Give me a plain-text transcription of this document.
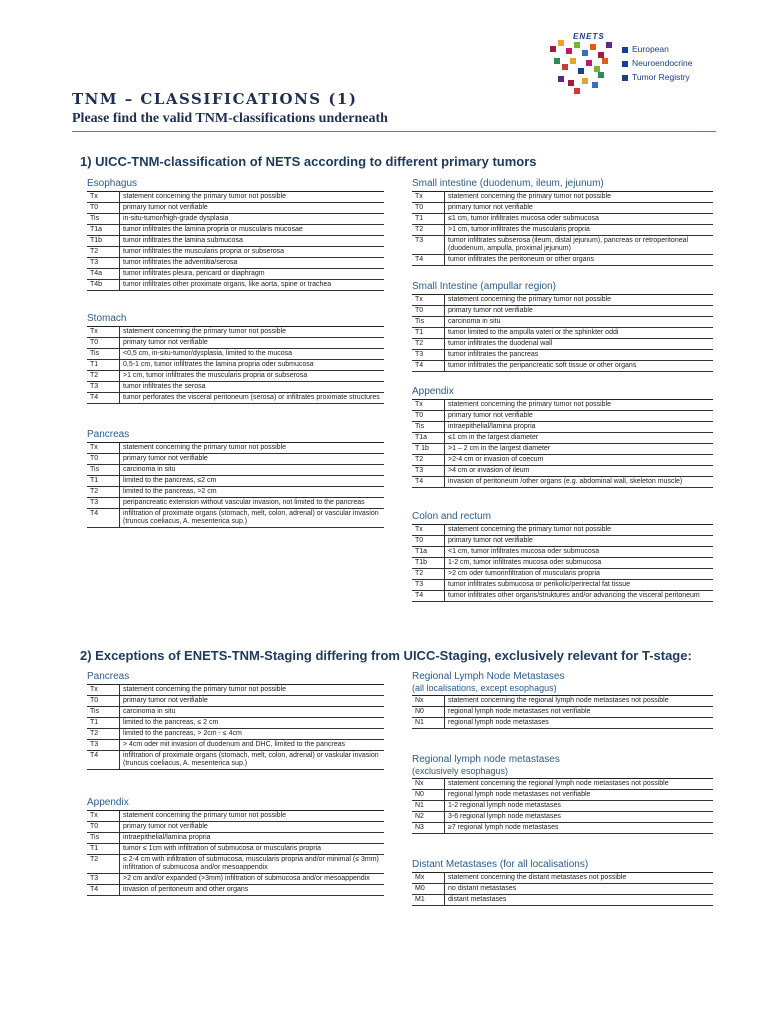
ENETS
European
Neuroendocrine
Tumor Registry
TNM – CLASSIFICATIONS (1)
Please find the valid TNM-classifications underneath
1) UICC-TNM-classification of NETS according to different primary tumors
2) Exceptions of ENETS-TNM-Staging differing from UICC-Staging, exclusively relevant for T-stage:
Esophagus
Tx	statement concerning the primary tumor not possible
T0	primary tumor not verifiable
Tis	in-situ-tumor/high-grade dysplasia
T1a	tumor infiltrates the lamina propria or muscularis mucosae
T1b	tumor infiltrates the lamina submucosa
T2	tumor infiltrates the muscularis propria or subserosa
T3	tumor infiltrates the adventitia/serosa
T4a	tumor infiltrates pleura, pericard or diaphragm
T4b	tumor infiltrates other proximate organs, like aorta, spine or trachea
Stomach
Tx	statement concerning the primary tumor not possible
T0	primary tumor not verifiable
Tis	<0,5 cm, in-situ-tumor/dysplasia, limited to the mucosa
T1	0,5-1 cm, tumor infiltrates the lamina propria oder submucosa
T2	>1 cm, tumor infiltrates the muscularis propria or subserosa
T3	tumor infiltrates the serosa
T4	tumor perforates the visceral peritoneum (serosa) or infiltrates proximate structures
Pancreas
Tx	statement concerning the primary tumor not possible
T0	primary tumor not verifiable
Tis	carcinoma in situ
T1	limited to the pancreas, ≤2 cm
T2	limited to the pancreas, >2 cm
T3	peripancreatic extension without vascular invasion, not limited to the pancreas
T4	infiltration of proximate organs (stomach, melt, colon, adrenal) or vascular invasion (truncus coeliacus, A. mesenterica sup.)
Small intestine (duodenum, ileum, jejunum)
Tx	statement concerning the primary tumor not possible
T0	primary tumor not verifiable
T1	≤1 cm, tumor infiltrates mucosa oder submucosa
T2	>1 cm, tumor infiltrates the muscularis propria
T3	tumor infiltrates subserosa (ileum, distal jejunum), pancreas or retroperitoneal (duodenum, ampulla, proximal jejunum)
T4	tumor infiltrates the peritoneum or other organs
Small Intestine (ampullar region)
Tx	statement concerning the primary tumor not possible
T0	primary tumor not verifiable
Tis	carcinoma in situ
T1	tumor limited to the ampulla vateri or the sphinkter oddi
T2	tumor infiltrates the duodenal wall
T3	tumor infiltrates the pancreas
T4	tumor infiltrates the peripancreatic soft tissue or other organs
Appendix
Tx	statement concerning the primary tumor not possible
T0	primary tumor not verifiable
Tis	intraepithelial/lamina propria
T1a	≤1 cm in the largest diameter
T 1b	>1 – 2 cm in the largest diameter
T2	>2-4 cm or invasion of coecum
T3	>4 cm or invasion of ileum
T4	invasion of peritoneum /other organs (e.g. abdominal wall, skeleton muscle)
Colon and rectum
Tx	statement concerning the primary tumor not possible
T0	primary tumor not verifiable
T1a	<1 cm, tumor infiltrates mucosa oder submucosa
T1b	1-2 cm, tumor infiltrates mucosa oder submucosa
T2	>2 cm oder tumorinfiltration of muscularis propria
T3	tumor infiltrates submucosa or perikolic/perirectal fat tissue
T4	tumor infiltrates other organs/struktures and/or advancing the visceral peritoneum
Pancreas
Tx	statement concerning the primary tumor not possible
T0	primary tumor not verifiable
Tis	carcinoma in situ
T1	limited to the pancreas, ≤ 2 cm
T2	limited to the pancreas, > 2cm - ≤ 4cm
T3	> 4cm oder mit invasion of duodenum and DHC, limited to the pancreas
T4	infiltration of proximate organs (stomach, melt, colon, adrenal) or vaskular invasion (truncus coeliacus, A. mesenterica sup.)
Appendix
Tx	statement concerning the primary tumor not possible
T0	primary tumor not verifiable
Tis	intraepithelial/lamina propria
T1	tumor ≤ 1cm with infiltration of submucosa or muscularis propria
T2	≤ 2-4 cm with infiltration of submucosa, muscularis propria and/or minimal (≤ 3mm) infiltration of submucosa and/or mesoappendix
T3	>2 cm and/or expanded (>3mm) infiltration of submucosa and/or mesoappendix
T4	invasion of peritoneum and other organs
Regional Lymph Node Metastases
(all localisations, except esophagus)
Nx	statement concerning the regional lymph node metastases not possible
N0	regional lymph node metastases not verifiable
N1	regional lymph node metastases
Regional lymph node metastases
(exclusively esophagus)
Nx	statement concerning the regional lymph node metastases not possible
N0	regional lymph node metastases not verifiable
N1	1-2 regional lymph node metastases
N2	3-6 regional lymph node metastases
N3	≥7 regional lymph node metastases
Distant Metastases (for all localisations)
Mx	statement concerning the distant metastases not possible
M0	no distant metastases
M1	distant metastases
